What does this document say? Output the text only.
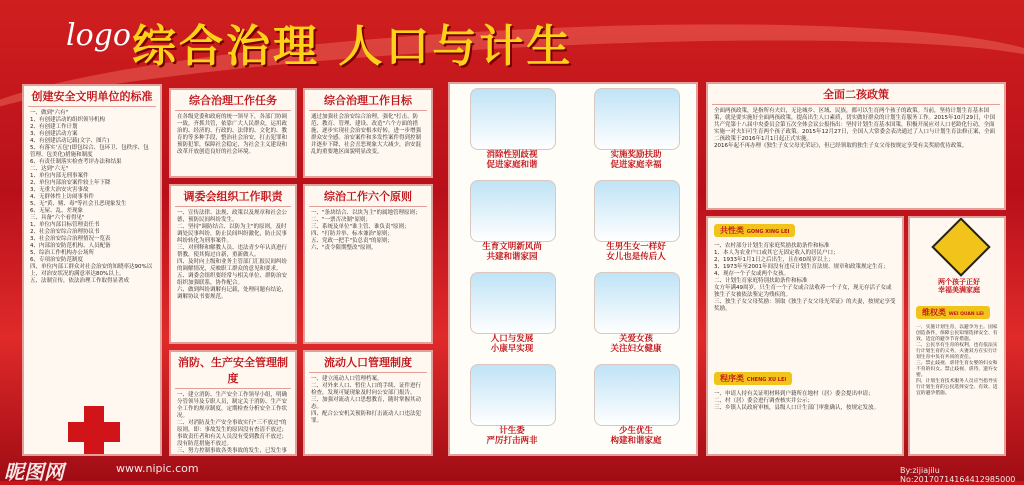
logo 综合治理 人口与计生
创建安全文明单位的标准
一、做到"六有"
1、有创建活动的组织领导机构
2、有创建工作计划
3、有创建活动方案
4、有创建活动记载(文字、图片)
5、有落实'五包'(即包综合、包环卫、包秩序、包管理、包美化)措施和制度
6、有责任制落实检查考评办法和结果
二、达到"六无"
1、单位内部无刑事案件
2、单位内部治安案件较上年下降
3、无重大治安灾害事故
4、无群体性上访闹事事件
5、无"黄、赌、毒"等社会丑恶现象发生
6、无屋、乱、差现象
三、具备"六个看得见"
1、单位内部目标管理责任书
2、社会治安综合治理协议书
3、社会治安综合治理情况一览表
4、内部治安防范机构、人员配备
5、综治工作机构办公场所
6、专项治安防范制度
四、单位内部工群众对社会治安的知晓率达90%以上，对治安状况的满意率达80%以上。
五、法制宣传，依法治理工作取得显著成
综合治理工作任务
在各级党委和政府的统一领导下，各部门协调一致，齐抓共管，依靠广大人民群众，运用政治的、经济的、行政的、法律的、文化的、教育的等多种手段，整治社会治安，打击犯罪和预防犯罪，保障社会稳定，为社会主义建设和改革开放创造良好的社会环境。
综合治理工作目标
通过加强社会治安综合治理，强化"打击、防范、教育、管理、建设、改造"六个方面的措施，逐步实现社会治安根本好转，进一步增强群众安全感。治安案件和多发性案件得到控制并逐步下降，社会丑恶现象大大减少，治安混乱的重要地区面貌明显改变。
调委会组织工作职责
一、宣传法律、法规、政策以及规章和社会公德，预防民间纠纷发生。
二、坚持"调防结合、以防为主"的原则，及时调处民事纠纷，防止民间纠纷激化，防止民事纠纷转化为刑事案件。
三、对刑释和解教人员、违法青少年认真进行帮教，使其悔过自新，重新做人。
四、及时向上级和业务主管部门汇报民间纠纷的调解情况，反映职工群众的意见和要求。
五、调委会组织要经常与相关单位、群防治安组织加强联系，协作配合。
六、做到纠纷调解有记载，处理问题有结论，调解协议书要规范。
综治工作六个原则
一、"条块结合、以块为主"的属地管理原则；
二、"一票否决制"原则；
三、系统及单位"谁主管、谁负责"原则；
四、"打防并举、标本兼治"原则；
五、党政一把手"负总责"的原则；
六、"责令限期整改"原则。
消防、生产安全管理制度
一、建立消防、生产安全工作领导小组，明确分管领导及专职人员，制定关于消防、生产安全工作的规章制度。定期检查分析安全工作状况。
二、对消防及生产安全事故实行"三不放过"的原则，即：事故发生的原因没有查清不放过；事故责任者和有关人员没有受到教育不放过；没有防范措施不放过。
三、努力控制事故各类事故的发生，已发生事

流动人口管理制度
一、建立流动人口管理档案。
二、对外来人口、暂住人口的手续、证件进行检查，发现可疑现象及时向公安部门报告。
三、加强对流动人口思想教育，随时掌握其动态。
四、配合公安机关预防和打击流动人口违法犯罪。
消除性别歧视
促进家庭和谐
实施奖励扶助
促进家庭幸福
生育文明新风尚
共建和谐家园
生男生女一样好
女儿也是传后人
人口与发展
小康早实现
关爱女孩
关注妇女健康
计生委
严厉打击两非
少生优生
构建和谐家庭
全面二孩政策
全面两孩政策，是指所有夫妇，无论城乡、区域、民族，都可以生育两个孩子的政策。当前，坚持计划生育基本国策，就是要实施好全面两孩政策，提高出生人口素质，切实做好群众的计划生育服务工作。2015年10月29日，中国共产党第十八届中央委员会第五次全体会议公报指出：坚持计划生育基本国策，积极开展应对人口老龄化行动，全面实施一对夫妇可生育两个孩子政策。2015年12月27日，全国人大常委会表决通过了人口与计划生育法修正案，全面二孩政策于2016年1月1日起正式实施。
2016年起不再办理《独生子女父母光荣证》，但已经领取的独生子女父母按规定享受有关奖励优待政策。
共性类 GONG XING LEI
一、农村部分计划生育家庭奖励扶助条件和标准
1、本人为农业户口或其它无固定收入的居民户口；
2、1933年1月1日之后出生，且在60周岁以上；
3、1973年至2001年间没有违反计划生育法规、规章和政策规定生育；
4、现存一个子女或两个女孩。
二、计划生育家庭特别扶助条件和标准
女方年满49周岁，只生育一个子女或合法收养一个子女，现无存活子女或独生子女被依法鉴定为残疾的。
三、独生子女父母奖励：领取《独生子女父母光荣证》的夫妻，按规定享受奖励。
程序类 CHENG XU LEI
一、申请人持有关证明材料到户籍所在地村（居）委会提出申请；
二、村（居）委会进行调查核实并公示；
三、乡镇人民政府审核，县级人口计生部门审批确认，按规定发放。
两个孩子正好
幸福美满家庭
维权类 WEI QUAN LEI
一、实施计划生育，以避孕为主。国家创造条件，保障公民知情选择安全、有效、适宜的避孕节育措施。
二、公民享有生育的权利，也有依法实行计划生育的义务，夫妻双方在实行计划生育中负有共同的责任。
三、禁止歧视、虐待生育女婴的妇女和不育的妇女。禁止歧视、虐待、遗弃女婴。
四、计划生育技术服务人员应当指导实行计划生育的公民选择安全、有效、适宜的避孕措施。
昵图网	www.nipic.com	By:zijiajilu No:20170714164412985000
